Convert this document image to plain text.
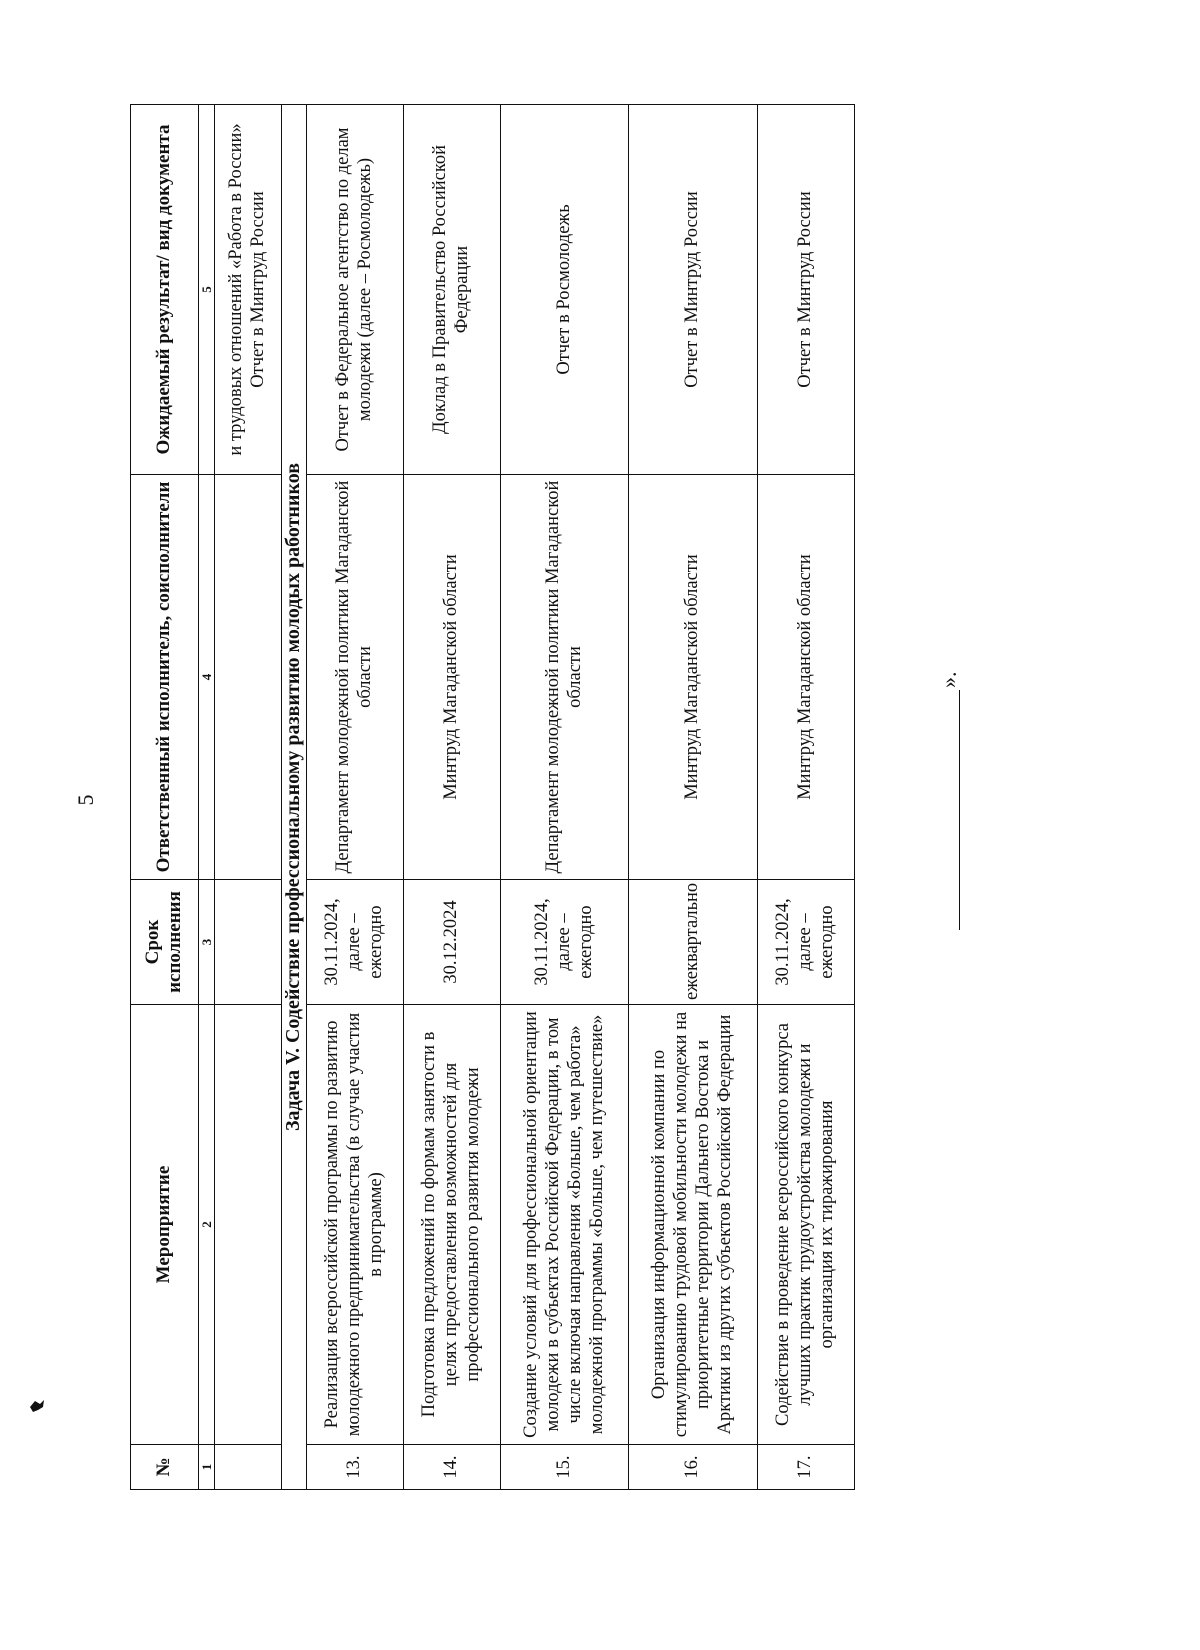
5
№	Мероприятие	Срок исполнения	Ответственный исполнитель, соисполнители	Ожидаемый результат/ вид документа
1	2	3	4	5
				и трудовых отношений «Работа в России» Отчет в Минтруд России
Задача V. Содействие профессиональному развитию молодых работников				
13.	Реализация всероссийской программы по развитию молодежного предпринимательства (в случае участия в программе)	30.11.2024, далее – ежегодно	Департамент молодежной политики Магаданской области	Отчет в Федеральное агентство по делам молодежи (далее – Росмолодежь)
14.	Подготовка предложений по формам занятости в целях предоставления возможностей для профессионального развития молодежи	30.12.2024	Минтруд Магаданской области	Доклад в Правительство Российской Федерации
15.	Создание условий для профессиональной ориентации молодежи в субъектах Российской Федерации, в том числе включая направления «Больше, чем работа» молодежной программы «Больше, чем путешествие»	30.11.2024, далее – ежегодно	Департамент молодежной политики Магаданской области	Отчет в Росмолодежь
16.	Организация информационной компании по стимулированию трудовой мобильности молодежи на приоритетные территории Дальнего Востока и Арктики из других субъектов Российской Федерации	ежеквартально	Минтруд Магаданской области	Отчет в Минтруд России
17.	Содействие в проведение всероссийского конкурса лучших практик трудоустройства молодежи и организация их тиражирования	30.11.2024, далее – ежегодно	Минтруд Магаданской области	Отчет в Минтруд России
».
